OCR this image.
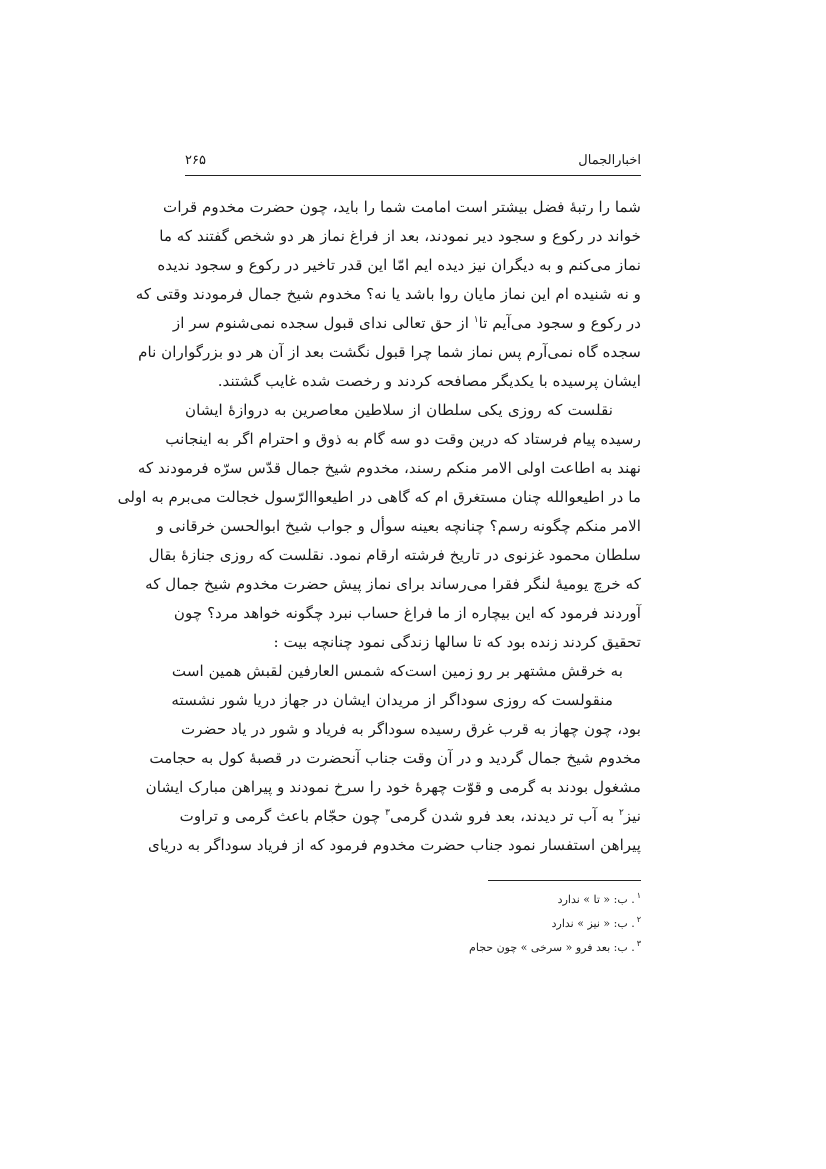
اخبارالجمال
۲۶۵
شما را رتبهٔ فضل بیشتر است امامت شما را باید، چون حضرت مخدوم قرات
خواند در رکوع و سجود دیر نمودند، بعد از فراغ نماز هر دو شخص گفتند که ما
نماز می‌کنم و به دیگران نیز دیده ایم امّا این قدر تاخیر در رکوع و سجود ندیده
و نه شنیده ام این نماز مایان روا باشد یا نه؟ مخدوم شیخ جمال فرمودند وقتی که
در رکوع و سجود می‌آیم تا$^۱$ از حق تعالی ندای قبول سجده نمی‌شنوم سر از
سجده گاه نمی‌آرم پس نماز شما چرا قبول نگشت بعد از آن هر دو بزرگواران نام
ایشان پرسیده با یکدیگر مصافحه کردند و رخصت شده غایب گشتند.
نقلست که روزی یکی سلطان از سلاطین معاصرین به دروازهٔ ایشان
رسیده پیام فرستاد که درین وقت دو سه گام به ذوق و احترام اگر به اینجانب
نهند به اطاعت اولی الامر منکم رسند، مخدوم شیخ جمال قدّس سرّه فرمودند که
ما در اطیعوالله چنان مستغرق ام که گاهی در اطیعواالرّسول خجالت می‌برم به اولی
الامر منکم چگونه رسم؟ چنانچه بعینه سوأل و جواب شیخ ابوالحسن خرقانی و
سلطان محمود غزنوی در تاریخ فرشته ارقام نمود. نقلست که روزی جنازهٔ بقال
که خرچ یومیهٔ لنگر فقرا می‌رساند برای نماز پیش حضرت مخدوم شیخ جمال که
آوردند فرمود که این بیچاره از ما فراغ حساب نبرد چگونه خواهد مرد؟ چون
تحقیق کردند زنده بود که تا سالها زندگی نمود چنانچه بیت :
به خرقش مشتهر بر رو زمین است
که شمس العارفین لقبش همین است
منقولست که روزی سوداگر از مریدان ایشان در جهاز دریا شور نشسته
بود، چون چهاز به قرب غرق رسیده سوداگر به فریاد و شور در یاد حضرت
مخدوم شیخ جمال گردید و در آن وقت جناب آنحضرت در قصبهٔ کول به حجامت
مشغول بودند به گرمی و قوّت چهرهٔ خود را سرخ نمودند و پیراهن مبارک ایشان
نیز$^۲$ به آب تر دیدند، بعد فرو شدن گرمی$^۳$ چون حجّام باعث گرمی و تراوت
پیراهن استفسار نمود جناب حضرت مخدوم فرمود که از فریاد سوداگر به دریای
$^۱$. ب: « تا » ندارد
$^۲$. ب: « نیز » ندارد
$^۳$. ب: بعد فرو « سرخی » چون حجام
